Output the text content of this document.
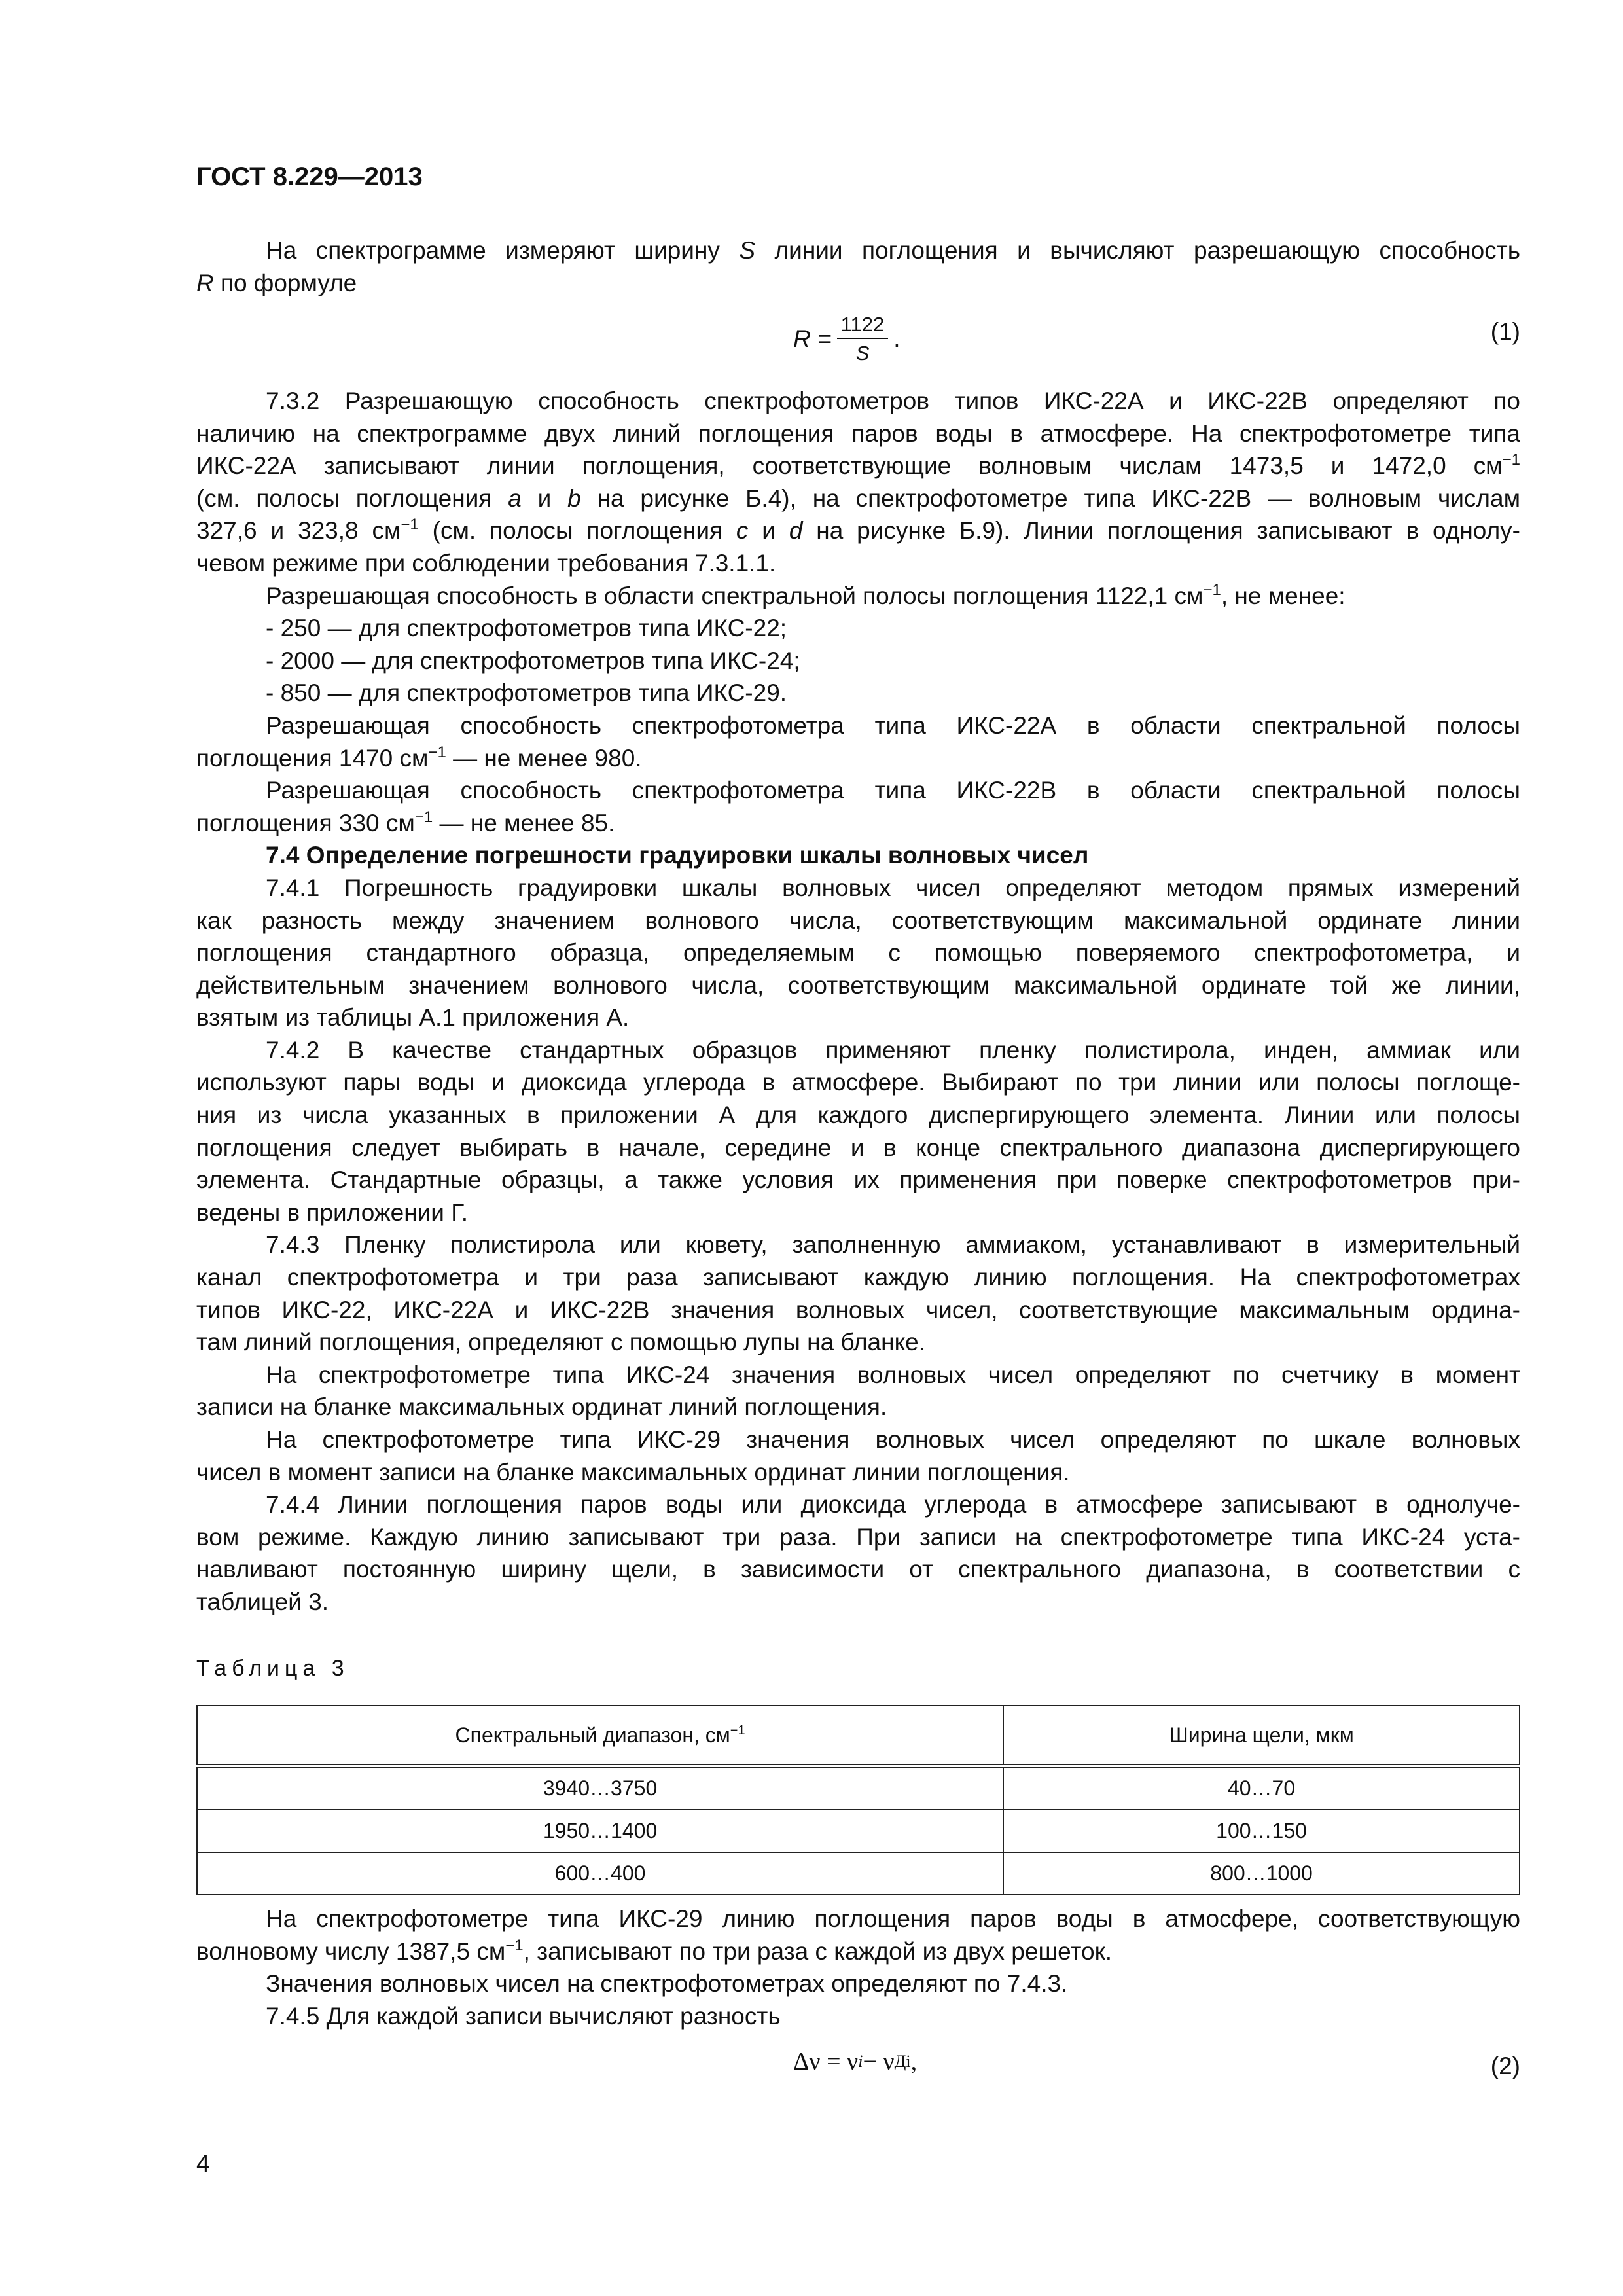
ГОСТ 8.229—2013
На спектрограмме измеряют ширину S линии поглощения и вычисляют разрешающую способность
R по формуле
$R = \frac{1122}{S}$ .	(1)
7.3.2 Разрешающую способность спектрофотометров типов ИКС-22А и ИКС-22В определяют по
наличию на спектрограмме двух линий поглощения паров воды в атмосфере. На спектрофотометре типа
ИКС-22А записывают линии поглощения, соответствующие волновым числам 1473,5 и 1472,0 $см^{-1}$
(см. полосы поглощения a и b на рисунке Б.4), на спектрофотометре типа ИКС-22В — волновым числам
327,6 и 323,8 $см^{-1}$ (см. полосы поглощения c и d на рисунке Б.9). Линии поглощения записывают в однолу-
чевом режиме при соблюдении требования 7.3.1.1.
Разрешающая способность в области спектральной полосы поглощения 1122,1 $см^{-1}$, не менее:
- 250 — для спектрофотометров типа ИКС-22;
- 2000 — для спектрофотометров типа ИКС-24;
- 850 — для спектрофотометров типа ИКС-29.
Разрешающая способность спектрофотометра типа ИКС-22А в области спектральной полосы
поглощения 1470 $см^{-1}$ — не менее 980.
Разрешающая способность спектрофотометра типа ИКС-22В в области спектральной полосы
поглощения 330 $см^{-1}$ — не менее 85.
7.4 Определение погрешности градуировки шкалы волновых чисел
7.4.1 Погрешность градуировки шкалы волновых чисел определяют методом прямых измерений
как разность между значением волнового числа, соответствующим максимальной ординате линии
поглощения стандартного образца, определяемым с помощью поверяемого спектрофотометра, и
действительным значением волнового числа, соответствующим максимальной ординате той же линии,
взятым из таблицы А.1 приложения А.
7.4.2 В качестве стандартных образцов применяют пленку полистирола, инден, аммиак или
используют пары воды и диоксида углерода в атмосфере. Выбирают по три линии или полосы поглоще-
ния из числа указанных в приложении А для каждого диспергирующего элемента. Линии или полосы
поглощения следует выбирать в начале, середине и в конце спектрального диапазона диспергирующего
элемента. Стандартные образцы, а также условия их применения при поверке спектрофотометров при-
ведены в приложении Г.
7.4.3 Пленку полистирола или кювету, заполненную аммиаком, устанавливают в измерительный
канал спектрофотометра и три раза записывают каждую линию поглощения. На спектрофотометрах
типов ИКС-22, ИКС-22А и ИКС-22В значения волновых чисел, соответствующие максимальным ордина-
там линий поглощения, определяют с помощью лупы на бланке.
На спектрофотометре типа ИКС-24 значения волновых чисел определяют по счетчику в момент
записи на бланке максимальных ординат линий поглощения.
На спектрофотометре типа ИКС-29 значения волновых чисел определяют по шкале волновых
чисел в момент записи на бланке максимальных ординат линии поглощения.
7.4.4 Линии поглощения паров воды или диоксида углерода в атмосфере записывают в однолуче-
вом режиме. Каждую линию записывают три раза. При записи на спектрофотометре типа ИКС-24 уста-
навливают постоянную ширину щели, в зависимости от спектрального диапазона, в соответствии с
таблицей 3.
Таблица 3
Спектральный диапазон, $см^{-1}$	Ширина щели, мкм
3940…3750	40…70
1950…1400	100…150
600…400	800…1000
На спектрофотометре типа ИКС-29 линию поглощения паров воды в атмосфере, соответствующую
волновому числу 1387,5 $см^{-1}$, записывают по три раза с каждой из двух решеток.
Значения волновых чисел на спектрофотометрах определяют по 7.4.3.
7.4.5 Для каждой записи вычисляют разность
Δν = ν i − ν Дi ,	(2)
4
